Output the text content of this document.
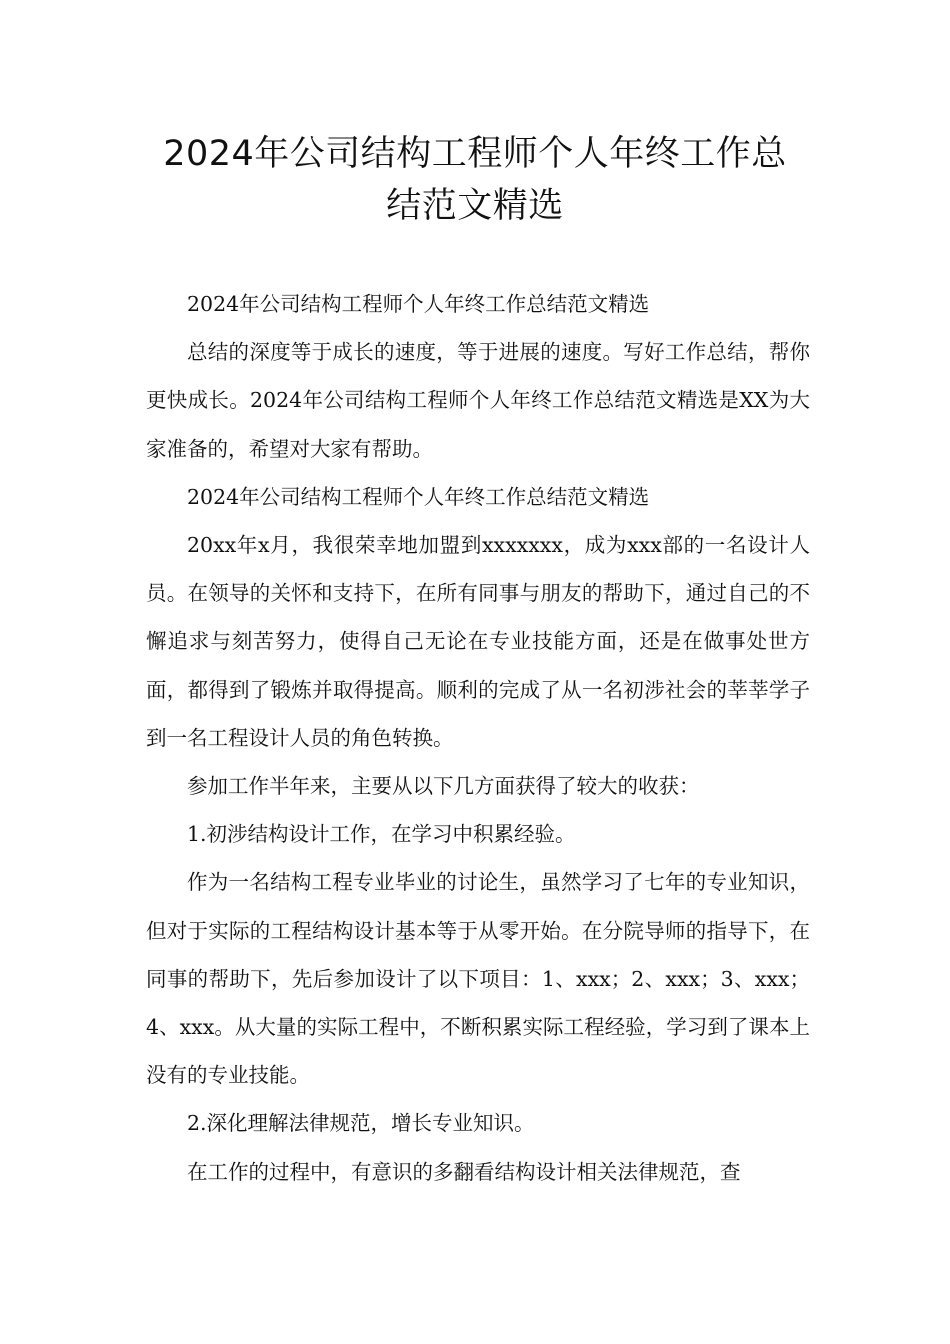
2024年公司结构工程师个人年终工作总
结范文精选

2024年公司结构工程师个人年终工作总结范文精选

总结的深度等于成长的速度，等于进展的速度。写好工作总结，帮你更快成长。2024年公司结构工程师个人年终工作总结范文精选是XX为大家准备的，希望对大家有帮助。

2024年公司结构工程师个人年终工作总结范文精选

20xx年x月，我很荣幸地加盟到xxxxxxx，成为xxx部的一名设计人员。在领导的关怀和支持下，在所有同事与朋友的帮助下，通过自己的不懈追求与刻苦努力，使得自己无论在专业技能方面，还是在做事处世方面，都得到了锻炼并取得提高。顺利的完成了从一名初涉社会的莘莘学子到一名工程设计人员的角色转换。

参加工作半年来，主要从以下几方面获得了较大的收获：

1.初涉结构设计工作，在学习中积累经验。

作为一名结构工程专业毕业的讨论生，虽然学习了七年的专业知识，但对于实际的工程结构设计基本等于从零开始。在分院导师的指导下，在同事的帮助下，先后参加设计了以下项目：1、xxx；2、xxx；3、xxx；4、xxx。从大量的实际工程中，不断积累实际工程经验，学习到了课本上没有的专业技能。

2.深化理解法律规范，增长专业知识。

在工作的过程中，有意识的多翻看结构设计相关法律规范，查
